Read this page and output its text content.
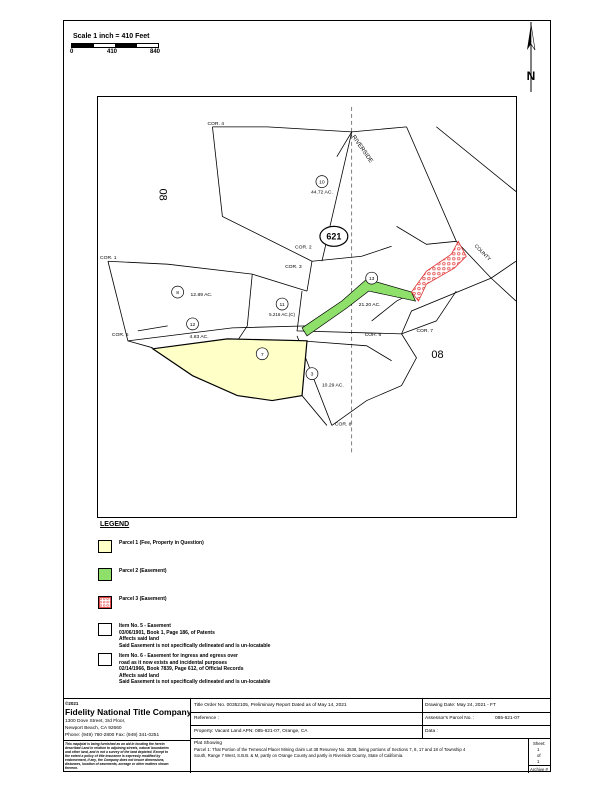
Scale 1 inch = 410 Feet
0	410	840
N
COR. 4
COR. 1
COR. 2
COR. 3
COR. 5	COR. 6
COR. 7
COR. 8
08
08
RIVERSIDE
COUNTY
44.72 AC.
12.89 AC.
5.216 AC.(C)
4.83 AC.
10.29 AC.
21.20 AC.
10
8
11
12
7
3
13
621
LEGEND
Parcel 1 (Fee, Property in Question)
Parcel 2 (Easement)
Parcel 3 (Easement)
Item No. 5 - Easement
03/06/1901, Book 1, Page 186, of Patents
Affects said land
Said Easement is not specifically delineated and is un-locatable
Item No. 6 - Easement for ingress and egress over
road as it now exists and incidental purposes
02/14/1966, Book 7839, Page 612, of Official Records
Affects said land
Said Easement is not specifically delineated and is un-locatable
©2021
Fidelity National Title Company
1300 Dove Street, 3rd Floor,
Newport Beach, CA 92660
Phone: (949) 780-2800 Fax: (949) 341-0251
This map/plat is being furnished as an aid in locating the herein
described Land in relation to adjoining streets, natural boundaries
and other land, and is not a survey of the land depicted. Except to
the extent a policy of title insurance is expressly modified by
endorsement, if any, the Company does not insure dimensions,
distances, location of easements, acreage or other matters shown
thereon.
Title Order No. 00352105, Preliminary Report Dated as of May 14, 2021	Drawing Date: May 24, 2021 - FT
Reference :	Assessor's Parcel No. :	085-621-07
Property: Vacant Land APN: 085-621-07, Orange, CA	Data :
Plat Showing
Parcel 1: That Portion of the Temescal Placer Mining claim Lot 38 Resurvey No. 3538, being portions of Sections 7, 8, 17 and 18 of Township 4
South, Range 7 West, S.B.B. & M, partly on Orange County and partly in Riverside County, State of California.
Sheet:
1
of
1
Archive #
